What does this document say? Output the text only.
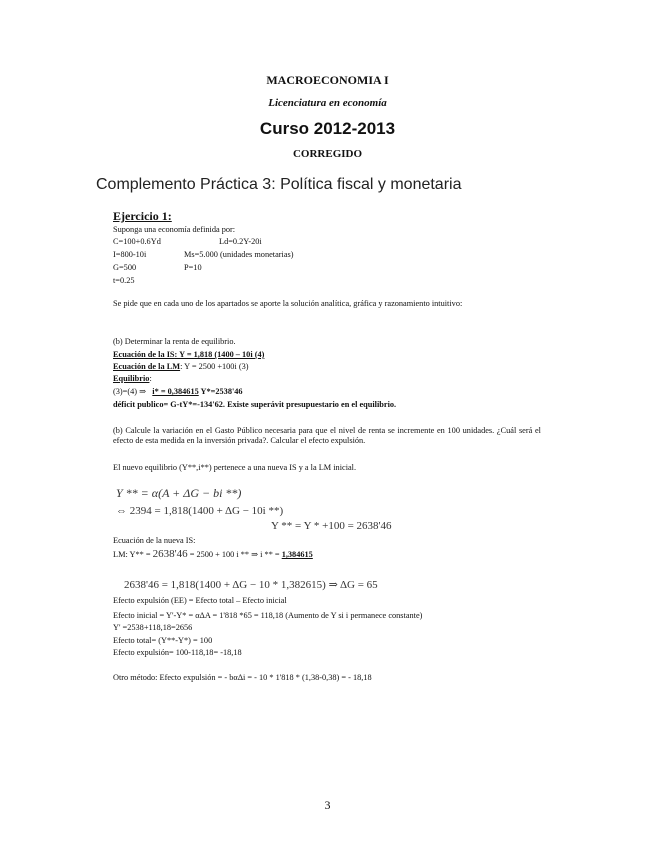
MACROECONOMIA I
Licenciatura en economía
Curso 2012-2013
CORREGIDO
Complemento Práctica 3: Política fiscal y monetaria
Ejercicio 1:
Suponga una economía definida por:
C=100+0.6Yd	Ld=0.2Y-20i
I=800-10i	Ms=5.000 (unidades monetarias)
G=500	P=10
t=0.25
Se pide que en cada uno de los apartados se aporte la solución analítica, gráfica y razonamiento intuitivo:
(b) Determinar la renta de equilibrio.
Ecuación de la IS: Y = 1,818 (1400 – 10i (4)
Ecuación de la LM: Y = 2500 +100i (3)
Equilibrio:
(3)=(4) ⇒ i* = 0,384615 Y*=2538'46
déficit publico= G-tY*=-134'62. Existe superávit presupuestario en el equilibrio.
(b) Calcule la variación en el Gasto Público necesaria para que el nivel de renta se incremente en 100 unidades. ¿Cuál será el efecto de esta medida en la inversión privada?. Calcular el efecto expulsión.
El nuevo equilibrio (Y**,i**) pertenece a una nueva IS y a la LM inicial.
Y ** = α(A + ΔG − bi **)
⇔ 2394 = 1,818(1400 + ΔG − 10i **)
Y ** = Y * +100 = 2638'46
Ecuación de la nueva IS:
LM: Y** = 2638'46 = 2500 + 100 i ** ⇒ i ** = 1,384615
2638'46 = 1,818(1400 + ΔG − 10 * 1,382615) ⇒ ΔG = 65
Efecto expulsión (EE) = Efecto total – Efecto inicial
Efecto inicial = Y'-Y* = αΔA = 1'818 *65 = 118,18 (Aumento de Y si i permanece constante)
Y' =2538+118,18=2656
Efecto total= (Y**-Y*) = 100
Efecto expulsión= 100-118,18= -18,18
Otro método: Efecto expulsión = - bαΔi = - 10 * 1'818 * (1,38-0,38) = - 18,18
3
